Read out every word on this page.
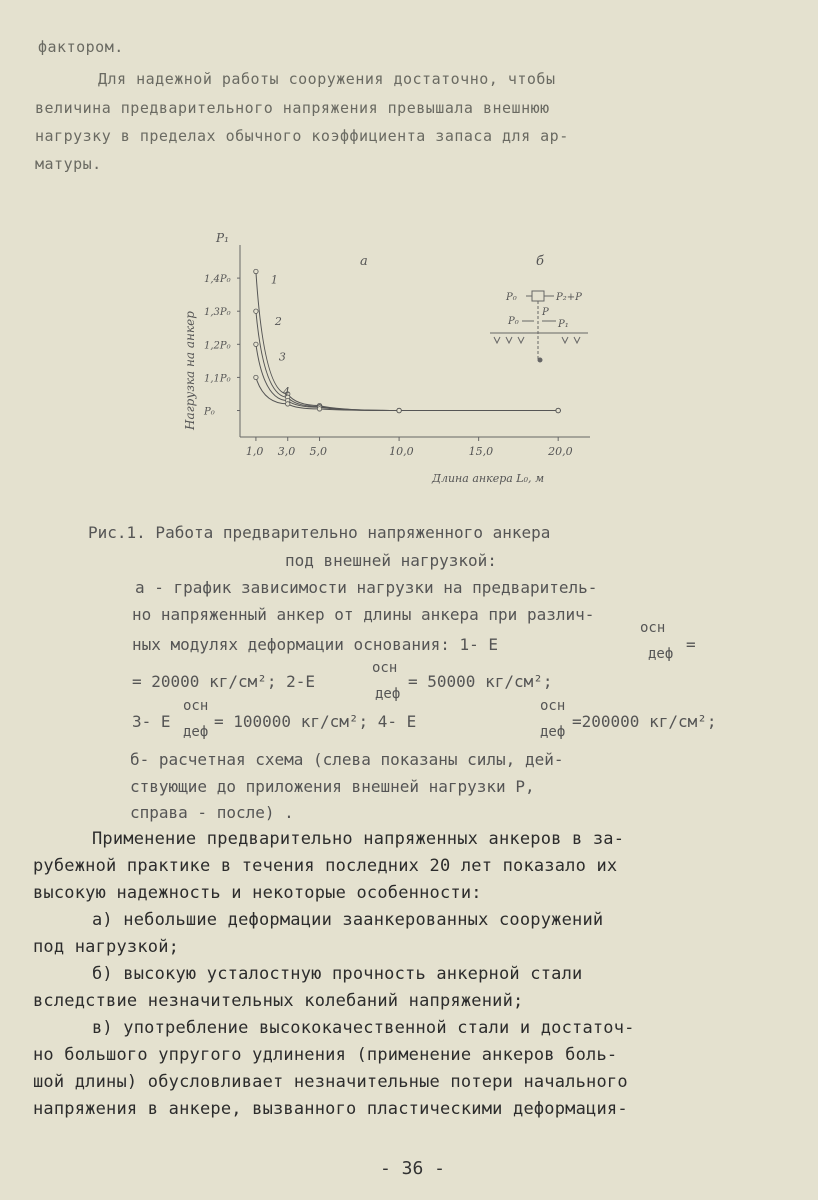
фактором.
Для надежной работы сооружения достаточно, чтобы
величина предварительного напряжения превышала внешнюю
нагрузку в пределах обычного коэффициента запаса для ар-
матуры.
1,0 3,0 5,0	10,0	15,0	20,0
1,4P₀
1,3P₀
1,2P₀
1,1P₀
P₀
1
2
3
4
а	б
P₁
Нагрузка на анкер
Длина анкера L₀, м
P₀	P₂+P
P₀
P
P₁
Рис.1. Работа предварительно напряженного анкера
под внешней нагрузкой:
а - график зависимости нагрузки на предваритель-
но напряженный анкер от длины анкера при различ-
ных модулях деформации основания: 1- E
осн
деф =
= 20000 кг/см²; 2-E
осн
деф
= 50000 кг/см²;
3- E
осн
деф
= 100000 кг/см²; 4- E
осн
деф
=200000 кг/см²;
б- расчетная схема (слева показаны силы, дей-
ствующие до приложения внешней нагрузки P,
справа - после) .
Применение предварительно напряженных анкеров в за-
рубежной практике в течения последних 20 лет показало их
высокую надежность и некоторые особенности:
а) небольшие деформации заанкерованных сооружений
под нагрузкой;
б) высокую усталостную прочность анкерной стали
вследствие незначительных колебаний напряжений;
в) употребление высококачественной стали и достаточ-
но большого упругого удлинения (применение анкеров боль-
шой длины) обусловливает незначительные потери начального
напряжения в анкере, вызванного пластическими деформация-
- 36 -
